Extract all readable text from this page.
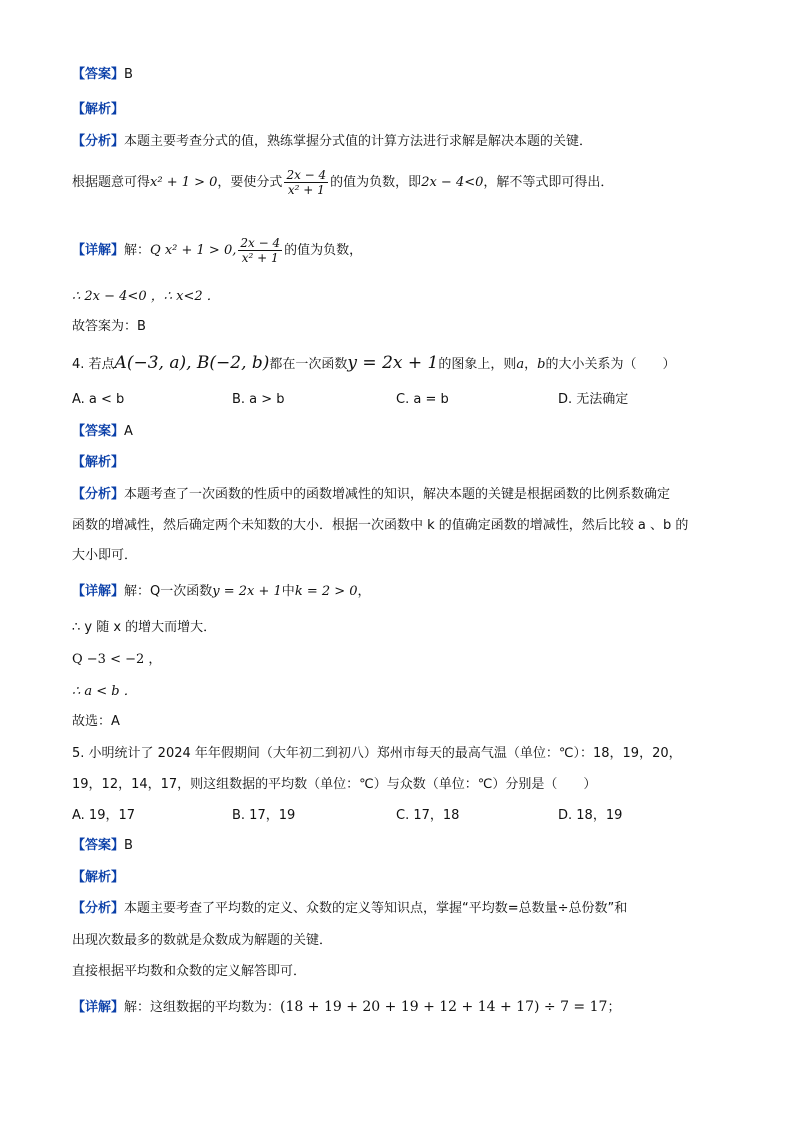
【答案】B
【解析】
【分析】本题主要考查分式的值，熟练掌握分式值的计算方法进行求解是解决本题的关键．
根据题意可得x² + 1 > 0，要使分式 $\frac{2x - 4}{\text{x² + 1}}$ 的值为负数，即2x − 4<0，解不等式即可得出．
【详解】解：Q x² + 1 > 0, $\frac{2x - 4}{\text{x² + 1}}$ 的值为负数，
∴ 2x − 4<0 ，∴ x<2 ．
故答案为：B
4. 若点A(−3, a), B(−2, b)都在一次函数y = 2x + 1的图象上，则a，b的大小关系为（　　）
A. a < b	B. a > b	C. a = b	D. 无法确定
【答案】A
【解析】
【分析】本题考查了一次函数的性质中的函数增减性的知识，解决本题的关键是根据函数的比例系数确定
函数的增减性，然后确定两个未知数的大小．根据一次函数中 k 的值确定函数的增减性，然后比较 a 、b 的
大小即可．
【详解】解：Q一次函数y = 2x + 1中k = 2 > 0，
∴ y 随 x 的增大而增大．
Q −3 < −2 ，
∴ a < b ．
故选：A
5. 小明统计了 2024 年年假期间（大年初二到初八）郑州市每天的最高气温（单位：℃）：18，19，20，
19，12，14，17，则这组数据的平均数（单位：℃）与众数（单位：℃）分别是（　　）
A. 19，17	B. 17，19	C. 17，18	D. 18，19
【答案】B
【解析】
【分析】本题主要考查了平均数的定义、众数的定义等知识点，掌握“平均数=总数量÷总份数”和
出现次数最多的数就是众数成为解题的关键．
直接根据平均数和众数的定义解答即可．
【详解】解：这组数据的平均数为：(18 + 19 + 20 + 19 + 12 + 14 + 17) ÷ 7 = 17；
